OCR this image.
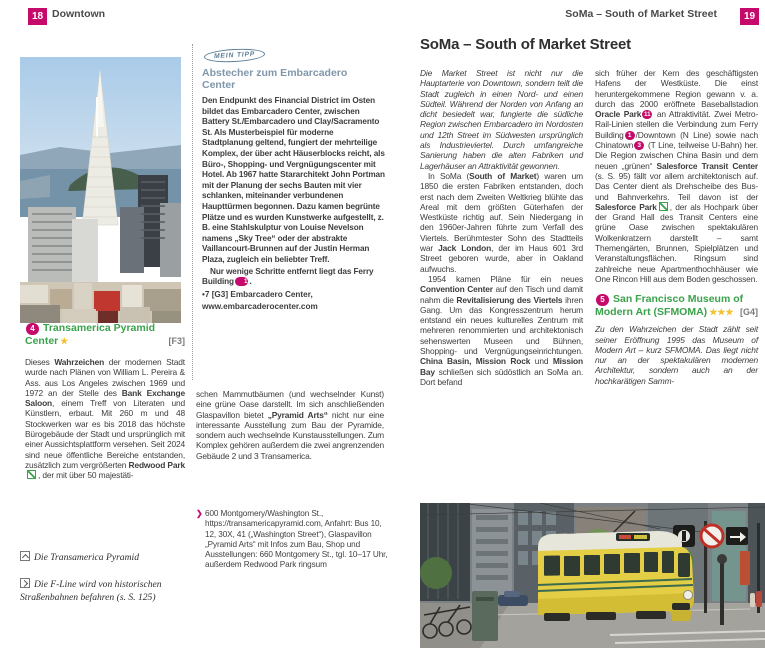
18 Downtown	SoMa – South of Market Street	19
MEIN TIPP
Abstecher zum Embarcadero Center
Den Endpunkt des Financial District im Osten bildet das Embarcadero Center, zwischen Battery St./Embarcadero und Clay/Sacramento St. Als Musterbeispiel für moderne Stadtplanung geltend, fungiert der mehrteilige Komplex, der über acht Häuserblocks reicht, als Büro-, Shopping- und Vergnügungscenter mit Hotel. Ab 1967 hatte Stararchitekt John Portman mit der Planung der sechs Bauten mit vier schlanken, miteinander verbundenen Haupttürmen begonnen. Dazu kamen begrünte Plätze und es wurden Kunstwerke aufgestellt, z. B. eine Stahlskulptur von Louise Nevelson namens „Sky Tree“ oder der abstrakte Vaillancourt-Brunnen auf der Justin Herman Plaza, zugleich ein beliebter Treff.
Nur wenige Schritte entfernt liegt das Ferry Building 1 .
•7 [G3] Embarcadero Center,
www.embarcaderocenter.com
4 Transamerica Pyramid Center ★	[F3]
Dieses Wahrzeichen der modernen Stadt wurde nach Plänen von William L. Pereira & Ass. aus Los Angeles zwischen 1969 und 1972 an der Stelle des Bank Exchange Saloon, einem Treff von Literaten und Künstlern, erbaut. Mit 260 m und 48 Stockwerken war es bis 2018 das höchste Bürogebäude der Stadt und ursprünglich mit einer Aussichtsplattform versehen. Seit 2024 sind neue öffentliche Bereiche entstanden, zusätzlich zum vergrößerten Redwood Park, der mit über 50 majestäti-
Die Transamerica Pyramid
Die F-Line wird von historischen Straßenbahnen befahren (s. S. 125)
schen Mammutbäumen (und wechselnder Kunst) eine grüne Oase darstellt. Im sich anschließenden Glaspavillon bietet „Pyramid Arts“ nicht nur eine interessante Ausstellung zum Bau der Pyramide, sondern auch wechselnde Kunstausstellungen. Zum Komplex gehören außerdem die zwei angrenzenden Gebäude 2 und 3 Transamerica.
❯ 600 Montgomery/Washington St., https://transamericapyramid.com, Anfahrt: Bus 10, 12, 30X, 41 („Washington Street“), Glaspavillon „Pyramid Arts“ mit Infos zum Bau, Shop und Ausstellungen: 660 Montgomery St., tgl. 10–17 Uhr, außerdem Redwood Park ringsum
SoMa – South of Market Street
Die Market Street ist nicht nur die Hauptarterie von Downtown, sondern teilt die Stadt zugleich in einen Nord- und einen Südteil. Während der Norden von Anfang an dicht besiedelt war, fungierte die südliche Region zwischen Embarcadero im Nordosten und 12th Street im Südwesten ursprünglich als Industrieviertel. Durch umfangreiche Sanierung haben die alten Fabriken und Lagerhäuser an Attraktivität gewonnen.
In SoMa (South of Market) waren um 1850 die ersten Fabriken entstanden, doch erst nach dem Zweiten Weltkrieg blühte das Areal mit dem größten Güterhafen der Westküste richtig auf. Sein Niedergang in den 1960er-Jahren führte zum Verfall des Viertels. Berühmtester Sohn des Stadtteils war Jack London, der im Haus 601 3rd Street geboren wurde, aber in Oakland aufwuchs.
1954 kamen Pläne für ein neues Convention Center auf den Tisch und damit nahm die Revitalisierung des Viertels ihren Gang. Um das Kongresszentrum herum entstand ein neues kulturelles Zentrum mit mehreren renommierten und architektonisch sehenswerten Museen und Bühnen, Shopping- und Vergnügungseinrichtungen. China Basin, Mission Rock und Mission Bay schließen sich südöstlich an SoMa an. Dort befand
sich früher der Kern des geschäftigsten Hafens der Westküste. Die einst heruntergekommene Region gewann v. a. durch das 2000 eröffnete Baseballstadion Oracle Park 11 an Attraktivität. Zwei Metro-Rail-Linien stellen die Verbindung zum Ferry Building 1 /Downtown (N Line) sowie nach Chinatown 3 (T Line, teilweise U-Bahn) her. Die Region zwischen China Basin und dem neuen „grünen“ Salesforce Transit Center (s. S. 95) fällt vor allem architektonisch auf. Das Center dient als Drehscheibe des Bus- und Bahnverkehrs. Teil davon ist der Salesforce Park , der als Hochpark über der Grand Hall des Transit Centers eine grüne Oase zwischen spektakulären Wolkenkratzern darstellt – samt Themengärten, Brunnen, Spielplätzen und Veranstaltungsflächen. Ringsum sind zahlreiche neue Apartmenthochhäuser wie One Rincon Hill aus dem Boden geschossen.
5 San Francisco Museum of Modern Art (SFMOMA) ★★★ [G4]
Zu den Wahrzeichen der Stadt zählt seit seiner Eröffnung 1995 das Museum of Modern Art – kurz SFMOMA. Das liegt nicht nur an der spektakulären modernen Architektur, sondern auch an der hochkarätigen Samm-
